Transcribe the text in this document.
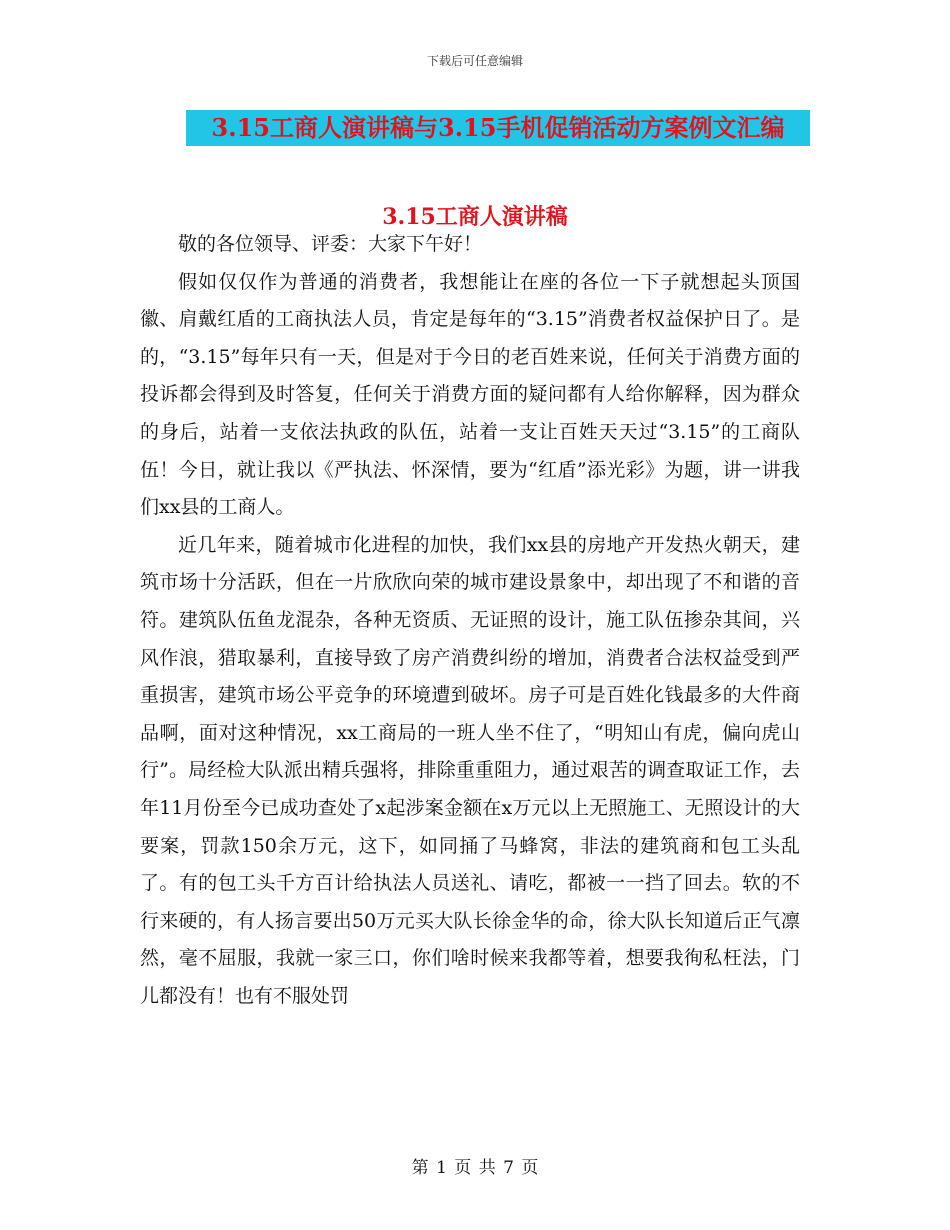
下载后可任意编辑
3.15工商人演讲稿与3.15手机促销活动方案例文汇编
3.15工商人演讲稿

敬的各位领导、评委：大家下午好！

假如仅仅作为普通的消费者，我想能让在座的各位一下子就想起头顶国徽、肩戴红盾的工商执法人员，肯定是每年的“3.15”消费者权益保护日了。是的，“3.15”每年只有一天，但是对于今日的老百姓来说，任何关于消费方面的投诉都会得到及时答复，任何关于消费方面的疑问都有人给你解释，因为群众的身后，站着一支依法执政的队伍，站着一支让百姓天天过“3.15”的工商队伍！今日，就让我以《严执法、怀深情，要为“红盾”添光彩》为题，讲一讲我们xx县的工商人。

近几年来，随着城市化进程的加快，我们xx县的房地产开发热火朝天，建筑市场十分活跃，但在一片欣欣向荣的城市建设景象中，却出现了不和谐的音符。建筑队伍鱼龙混杂，各种无资质、无证照的设计，施工队伍掺杂其间，兴风作浪，猎取暴利，直接导致了房产消费纠纷的增加，消费者合法权益受到严重损害，建筑市场公平竞争的环境遭到破坏。房子可是百姓化钱最多的大件商品啊，面对这种情况，xx工商局的一班人坐不住了，“明知山有虎，偏向虎山行”。局经检大队派出精兵强将，排除重重阻力，通过艰苦的调查取证工作，去年11月份至今已成功查处了x起涉案金额在x万元以上无照施工、无照设计的大要案，罚款150余万元，这下，如同捅了马蜂窝，非法的建筑商和包工头乱了。有的包工头千方百计给执法人员送礼、请吃，都被一一挡了回去。软的不行来硬的，有人扬言要出50万元买大队长徐金华的命，徐大队长知道后正气凛然，毫不屈服，我就一家三口，你们啥时候来我都等着，想要我徇私枉法，门儿都没有！也有不服处罚

第 1 页 共 7 页
